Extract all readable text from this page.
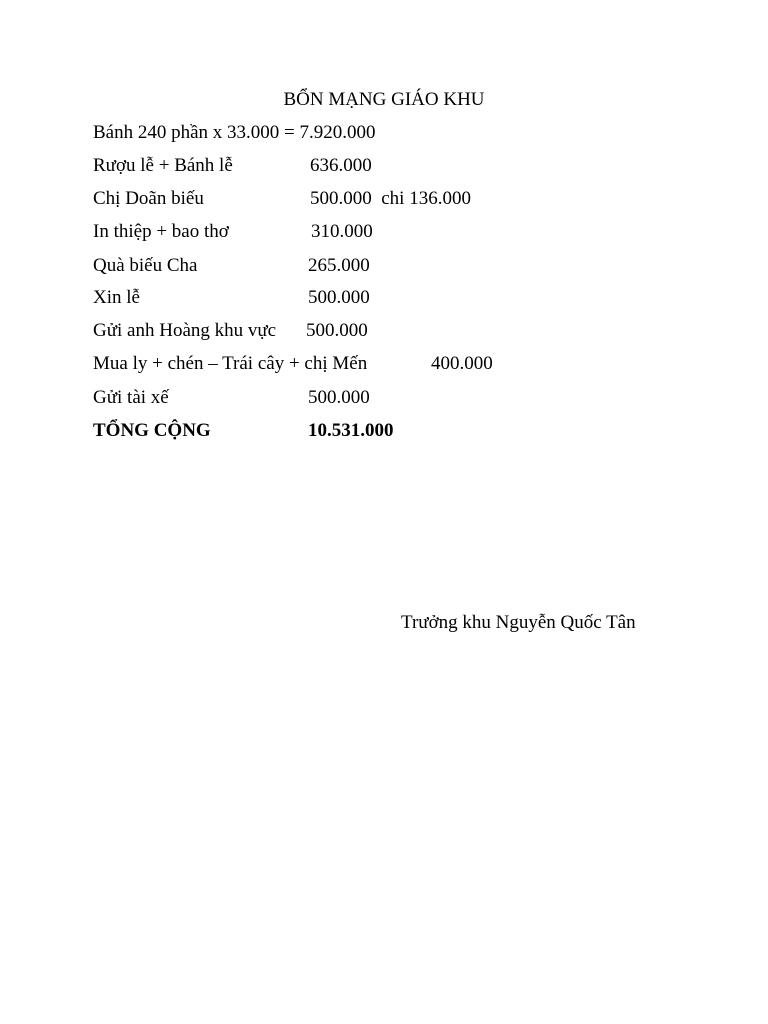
BỔN MẠNG GIÁO KHU
Bánh 240 phần x 33.000 = 7.920.000
Rượu lễ + Bánh lễ	636.000
Chị Doãn biếu	500.000  chi 136.000
In thiệp + bao thơ	310.000
Quà biếu Cha	265.000
Xin lễ	500.000
Gửi anh Hoàng khu vực 500.000
Mua ly + chén – Trái cây + chị Mến	400.000
Gửi tài xế	500.000
TỔNG CỘNG	10.531.000
Trưởng khu Nguyễn Quốc Tân
